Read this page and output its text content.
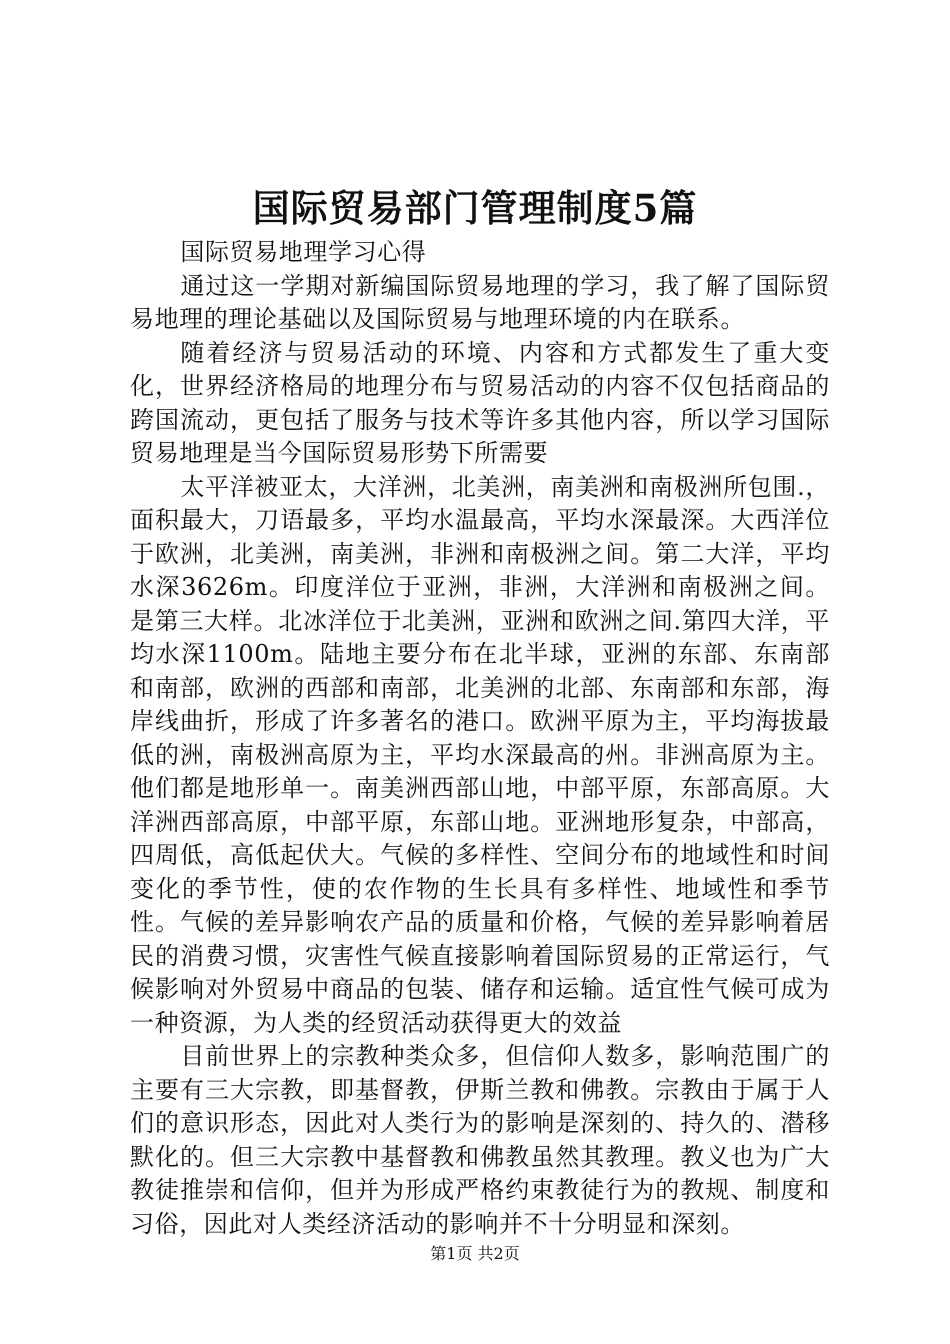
国际贸易部门管理制度5篇

国际贸易地理学习心得

通过这一学期对新编国际贸易地理的学习，我了解了国际贸易地理的理论基础以及国际贸易与地理环境的内在联系。

随着经济与贸易活动的环境、内容和方式都发生了重大变化，世界经济格局的地理分布与贸易活动的内容不仅包括商品的跨国流动，更包括了服务与技术等许多其他内容，所以学习国际贸易地理是当今国际贸易形势下所需要

太平洋被亚太，大洋洲，北美洲，南美洲和南极洲所包围.，面积最大，刀语最多，平均水温最高，平均水深最深。大西洋位于欧洲，北美洲，南美洲，非洲和南极洲之间。第二大洋，平均水深3626m。印度洋位于亚洲，非洲，大洋洲和南极洲之间。是第三大样。北冰洋位于北美洲，亚洲和欧洲之间.第四大洋，平均水深1100m。陆地主要分布在北半球，亚洲的东部、东南部和南部，欧洲的西部和南部，北美洲的北部、东南部和东部，海岸线曲折，形成了许多著名的港口。欧洲平原为主，平均海拔最低的洲，南极洲高原为主，平均水深最高的州。非洲高原为主。他们都是地形单一。南美洲西部山地，中部平原，东部高原。大洋洲西部高原，中部平原，东部山地。亚洲地形复杂，中部高，四周低，高低起伏大。气候的多样性、空间分布的地域性和时间变化的季节性，使的农作物的生长具有多样性、地域性和季节性。气候的差异影响农产品的质量和价格，气候的差异影响着居民的消费习惯，灾害性气候直接影响着国际贸易的正常运行，气候影响对外贸易中商品的包装、储存和运输。适宜性气候可成为一种资源，为人类的经贸活动获得更大的效益

目前世界上的宗教种类众多，但信仰人数多，影响范围广的主要有三大宗教，即基督教，伊斯兰教和佛教。宗教由于属于人们的意识形态，因此对人类行为的影响是深刻的、持久的、潜移默化的。但三大宗教中基督教和佛教虽然其教理。教义也为广大教徒推崇和信仰，但并为形成严格约束教徒行为的教规、制度和习俗，因此对人类经济活动的影响并不十分明显和深刻。

第1页 共2页
